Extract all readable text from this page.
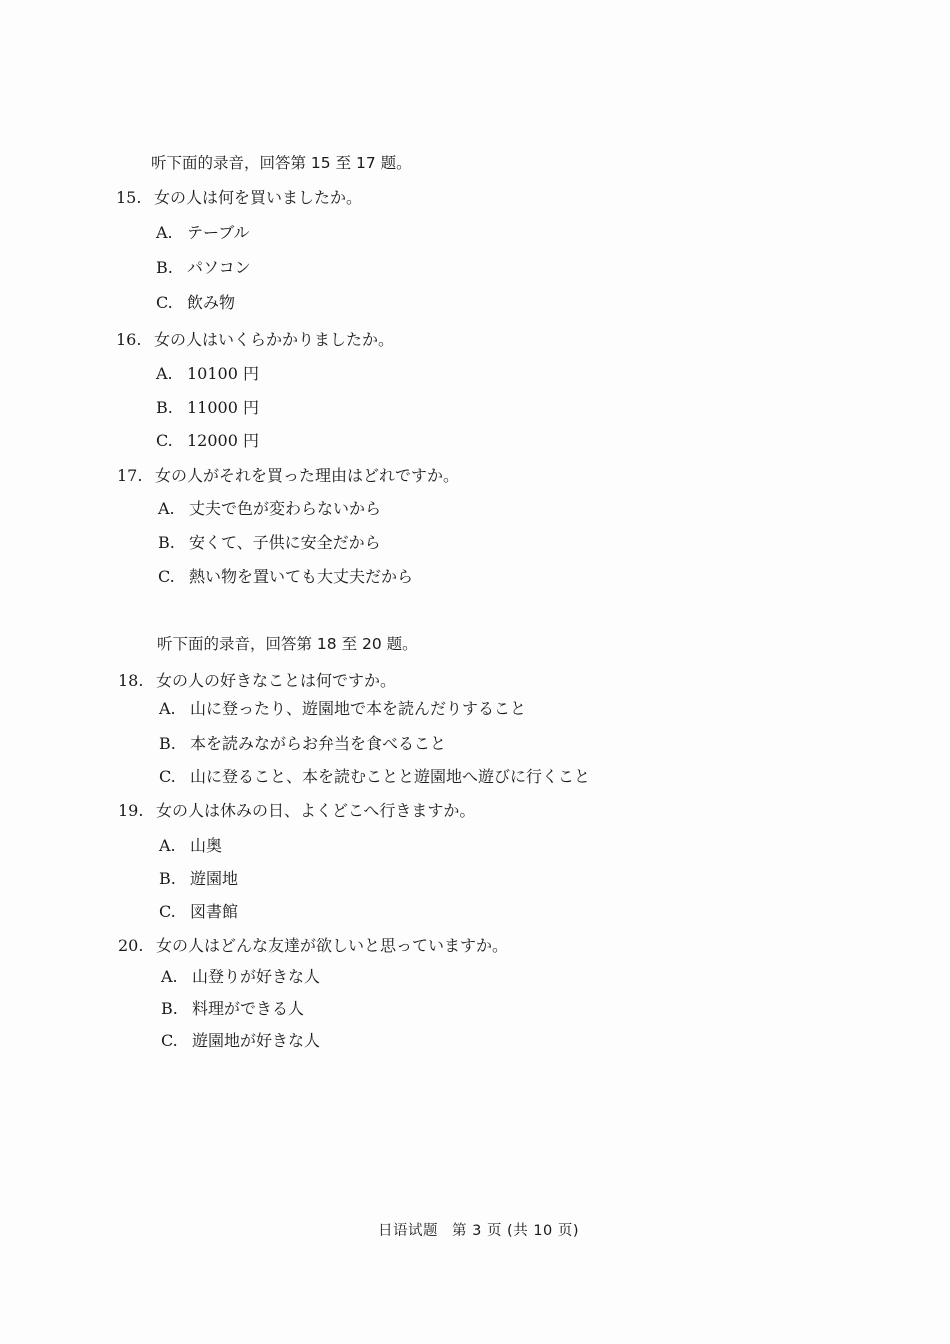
听下面的录音，回答第 15 至 17 题。
15. 女の人は何を買いましたか。
A. テーブル
B. パソコン
C. 飲み物
16. 女の人はいくらかかりましたか。
A. 10100 円
B. 11000 円
C. 12000 円
17. 女の人がそれを買った理由はどれですか。
A. 丈夫で色が変わらないから
B. 安くて、子供に安全だから
C. 熱い物を置いても大丈夫だから
听下面的录音，回答第 18 至 20 题。
18. 女の人の好きなことは何ですか。
A. 山に登ったり、遊園地で本を読んだりすること
B. 本を読みながらお弁当を食べること
C. 山に登ること、本を読むことと遊園地へ遊びに行くこと
19. 女の人は休みの日、よくどこへ行きますか。
A. 山奥
B. 遊園地
C. 図書館
20. 女の人はどんな友達が欲しいと思っていますか。
A. 山登りが好きな人
B. 料理ができる人
C. 遊園地が好きな人
日语试题 第 3 页 (共 10 页)
